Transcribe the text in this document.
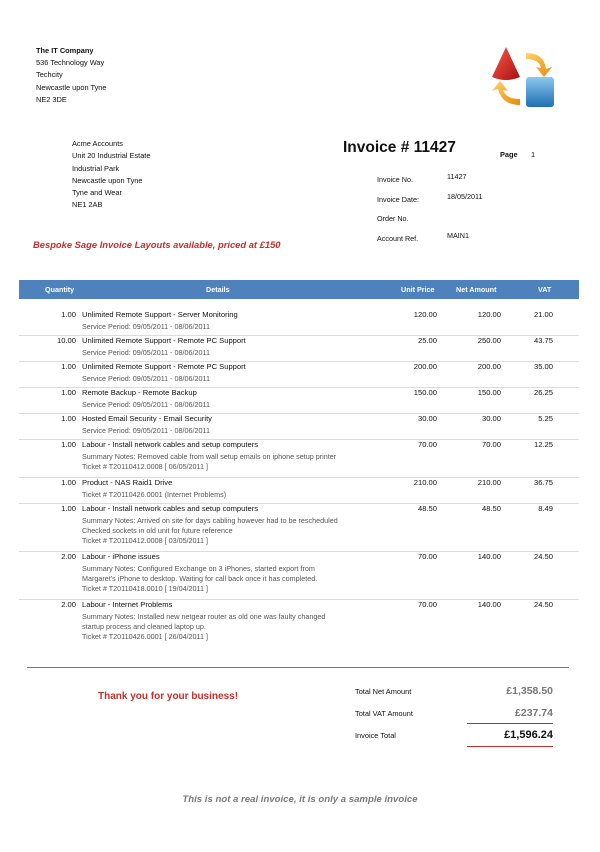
The IT Company
536 Technology Way
Techcity
Newcastle upon Tyne
NE2 3DE
Acme Accounts
Unit 20 Industrial Estate
Industrial Park
Newcastle upon Tyne
Tyne and Wear
NE1 2AB
Invoice # 11427	Page 1
Invoice No.	11427
Invoice Date:	18/05/2011
Order No.
Account Ref.	MAIN1
Bespoke Sage Invoice Layouts available, priced at £150
Quantity	Details	Unit Price	Net Amount	VAT
1.00 Unlimited Remote Support - Server Monitoring	120.00	120.00	21.00
Service Period: 09/05/2011 - 08/06/2011
10.00 Unlimited Remote Support - Remote PC Support	25.00	250.00	43.75
Service Period: 09/05/2011 - 08/06/2011
1.00 Unlimited Remote Support - Remote PC Support	200.00	200.00	35.00
Service Period: 09/05/2011 - 08/06/2011
1.00 Remote Backup - Remote Backup	150.00	150.00	26.25
Service Period: 09/05/2011 - 08/06/2011
1.00 Hosted Email Security - Email Security	30.00	30.00	5.25
Service Period: 09/05/2011 - 08/06/2011
1.00 Labour - Install network cables and setup computers	70.00	70.00	12.25
Summary Notes: Removed cable from wall setup emails on iphone setup printer
Ticket # T20110412.0008 [ 06/05/2011 ]
1.00 Product - NAS Raid1 Drive	210.00	210.00	36.75
Ticket # T20110426.0001 (Internet Problems)
1.00 Labour - Install network cables and setup computers	48.50	48.50	8.49
Summary Notes: Arrived on site for days cabling however had to be rescheduled
Checked sockets in old unit for future reference
Ticket # T20110412.0008 [ 03/05/2011 ]
2.00 Labour - iPhone issues	70.00	140.00	24.50
Summary Notes: Configured Exchange on 3 iPhones, started export from
Margaret's iPhone to desktop. Waiting for call back once it has completed.
Ticket # T20110418.0010 [ 19/04/2011 ]
2.00 Labour - Internet Problems	70.00	140.00	24.50
Summary Notes: Installed new netgear router as old one was faulty changed
startup process and cleaned laptop up.
Ticket # T20110426.0001 [ 26/04/2011 ]
Thank you for your business!	Total Net Amount	£1,358.50
Total VAT Amount	£237.74
Invoice Total	£1,596.24
This is not a real invoice, it is only a sample invoice
